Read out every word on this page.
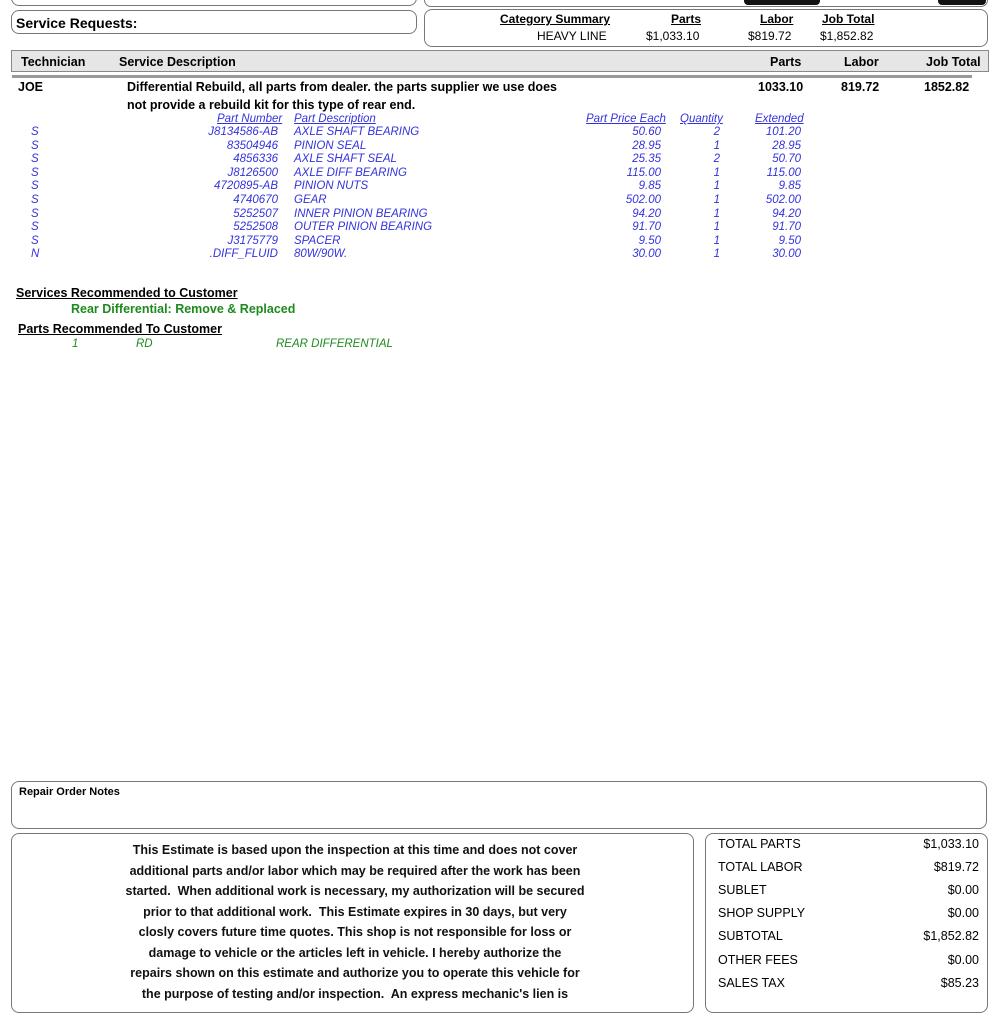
Service Requests:	Category Summary	Parts	Labor Job Total
HEAVY LINE	$1,033.10	$819.72 $1,852.82
Technician	Service Description	Parts	Labor	Job Total
JOE	Differential Rebuild, all parts from dealer. the parts supplier we use does
not provide a rebuild kit for this type of rear end.
1033.10	819.72	1852.82
Part Number Part Description	Part Price Each Quantity	Extended
S	J8134586-AB AXLE SHAFT BEARING	50.60	2	101.20
S	83504946 PINION SEAL	28.95	1	28.95
S	4856336 AXLE SHAFT SEAL	25.35	2	50.70
S	J8126500 AXLE DIFF BEARING	115.00	1	115.00
S	4720895-AB PINION NUTS	9.85	1	9.85
S	4740670 GEAR	502.00	1	502.00
S	5252507 INNER PINION BEARING	94.20	1	94.20
S	5252508 OUTER PINION BEARING	91.70	1	91.70
S	J3175779 SPACER	9.50	1	9.50
N	.DIFF_FLUID 80W/90W.	30.00	1	30.00
Services Recommended to Customer
Rear Differential: Remove & Replaced
Parts Recommended To Customer
1	RD	REAR DIFFERENTIAL
Repair Order Notes
This Estimate is based upon the inspection at this time and does not cover
additional parts and/or labor which may be required after the work has been
started.  When additional work is necessary, my authorization will be secured
prior to that additional work.  This Estimate expires in 30 days, but very
closly covers future time quotes. This shop is not responsible for loss or
damage to vehicle or the articles left in vehicle. I hereby authorize the
repairs shown on this estimate and authorize you to operate this vehicle for
the purpose of testing and/or inspection.  An express mechanic's lien is
TOTAL PARTS	$1,033.10
TOTAL LABOR	$819.72
SUBLET	$0.00
SHOP SUPPLY	$0.00
SUBTOTAL	$1,852.82
OTHER FEES	$0.00
SALES TAX	$85.23
